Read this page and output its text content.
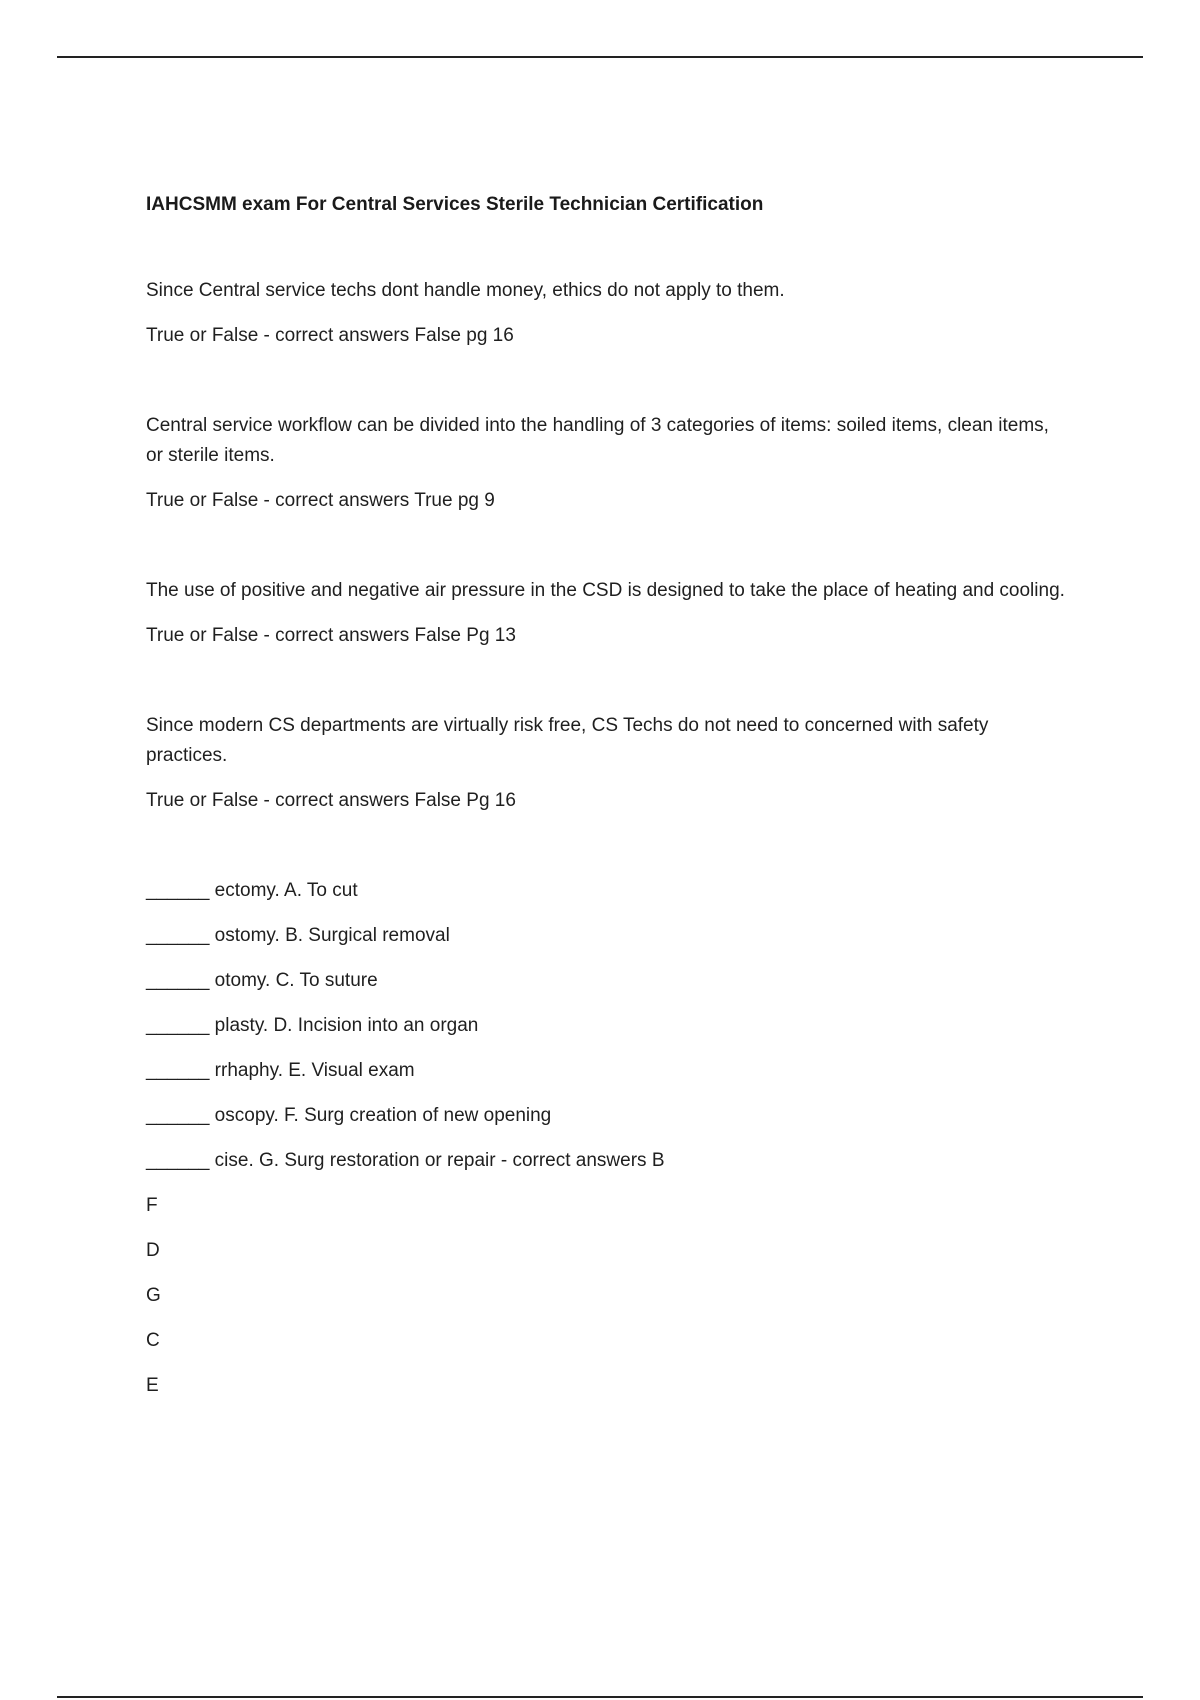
IAHCSMM exam For Central Services Sterile Technician Certification

Since Central service techs dont handle money, ethics do not apply to them.

True or False - correct answers False pg 16

Central service workflow can be divided into the handling of 3 categories of items: soiled items, clean items, or sterile items.

True or False - correct answers True pg 9

The use of positive and negative air pressure in the CSD is designed to take the place of heating and cooling.

True or False - correct answers False Pg 13

Since modern CS departments are virtually risk free, CS Techs do not need to concerned with safety practices.

True or False - correct answers False Pg 16

______ ectomy. A. To cut

______ ostomy. B. Surgical removal

______ otomy. C. To suture

______ plasty. D. Incision into an organ

______ rrhaphy. E. Visual exam

______ oscopy. F. Surg creation of new opening

______ cise. G. Surg restoration or repair - correct answers B

F

D

G

C

E
